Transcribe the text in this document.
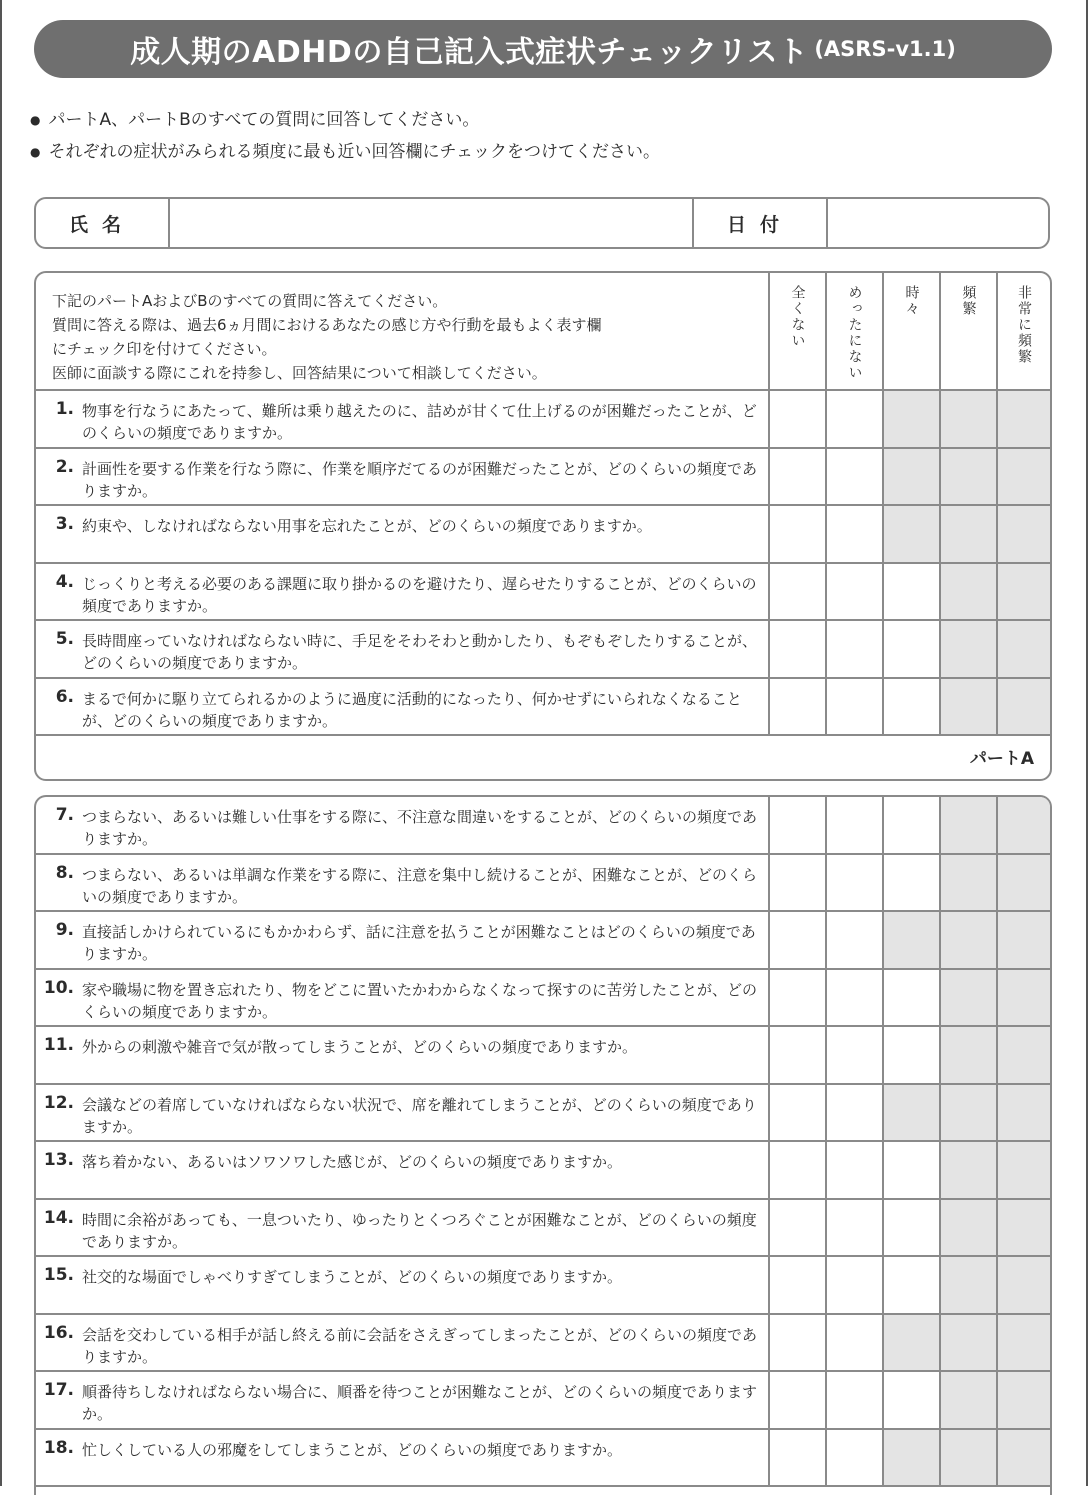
成人期のADHDの自己記入式症状チェックリスト (ASRS-v1.1)
● パートA、パートBのすべての質問に回答してください。
● それぞれの症状がみられる頻度に最も近い回答欄にチェックをつけてください。
氏名	日付
下記のパートAおよびBのすべての質問に答えてください。
質問に答える際は、過去6ヵ月間におけるあなたの感じ方や行動を最もよく表す欄
にチェック印を付けてください。
医師に面談する際にこれを持参し、回答結果について相談してください。
全くない	めったにない	時々	頻繁	非常に頻繁
パートA
1. 物事を行なうにあたって、難所は乗り越えたのに、詰めが甘くて仕上げるのが困難だったことが、どのくらいの頻度でありますか。
2. 計画性を要する作業を行なう際に、作業を順序だてるのが困難だったことが、どのくらいの頻度でありますか。
3. 約束や、しなければならない用事を忘れたことが、どのくらいの頻度でありますか。
4. じっくりと考える必要のある課題に取り掛かるのを避けたり、遅らせたりすることが、どのくらいの頻度でありますか。
5. 長時間座っていなければならない時に、手足をそわそわと動かしたり、もぞもぞしたりすることが、どのくらいの頻度でありますか。
6. まるで何かに駆り立てられるかのように過度に活動的になったり、何かせずにいられなくなることが、どのくらいの頻度でありますか。
7. つまらない、あるいは難しい仕事をする際に、不注意な間違いをすることが、どのくらいの頻度でありますか。
8. つまらない、あるいは単調な作業をする際に、注意を集中し続けることが、困難なことが、どのくらいの頻度でありますか。
9. 直接話しかけられているにもかかわらず、話に注意を払うことが困難なことはどのくらいの頻度でありますか。
10. 家や職場に物を置き忘れたり、物をどこに置いたかわからなくなって探すのに苦労したことが、どのくらいの頻度でありますか。
11. 外からの刺激や雑音で気が散ってしまうことが、どのくらいの頻度でありますか。
12. 会議などの着席していなければならない状況で、席を離れてしまうことが、どのくらいの頻度でありますか。
13. 落ち着かない、あるいはソワソワした感じが、どのくらいの頻度でありますか。
14. 時間に余裕があっても、一息ついたり、ゆったりとくつろぐことが困難なことが、どのくらいの頻度でありますか。
15. 社交的な場面でしゃべりすぎてしまうことが、どのくらいの頻度でありますか。
16. 会話を交わしている相手が話し終える前に会話をさえぎってしまったことが、どのくらいの頻度でありますか。
17. 順番待ちしなければならない場合に、順番を待つことが困難なことが、どのくらいの頻度でありますか。
18. 忙しくしている人の邪魔をしてしまうことが、どのくらいの頻度でありますか。
